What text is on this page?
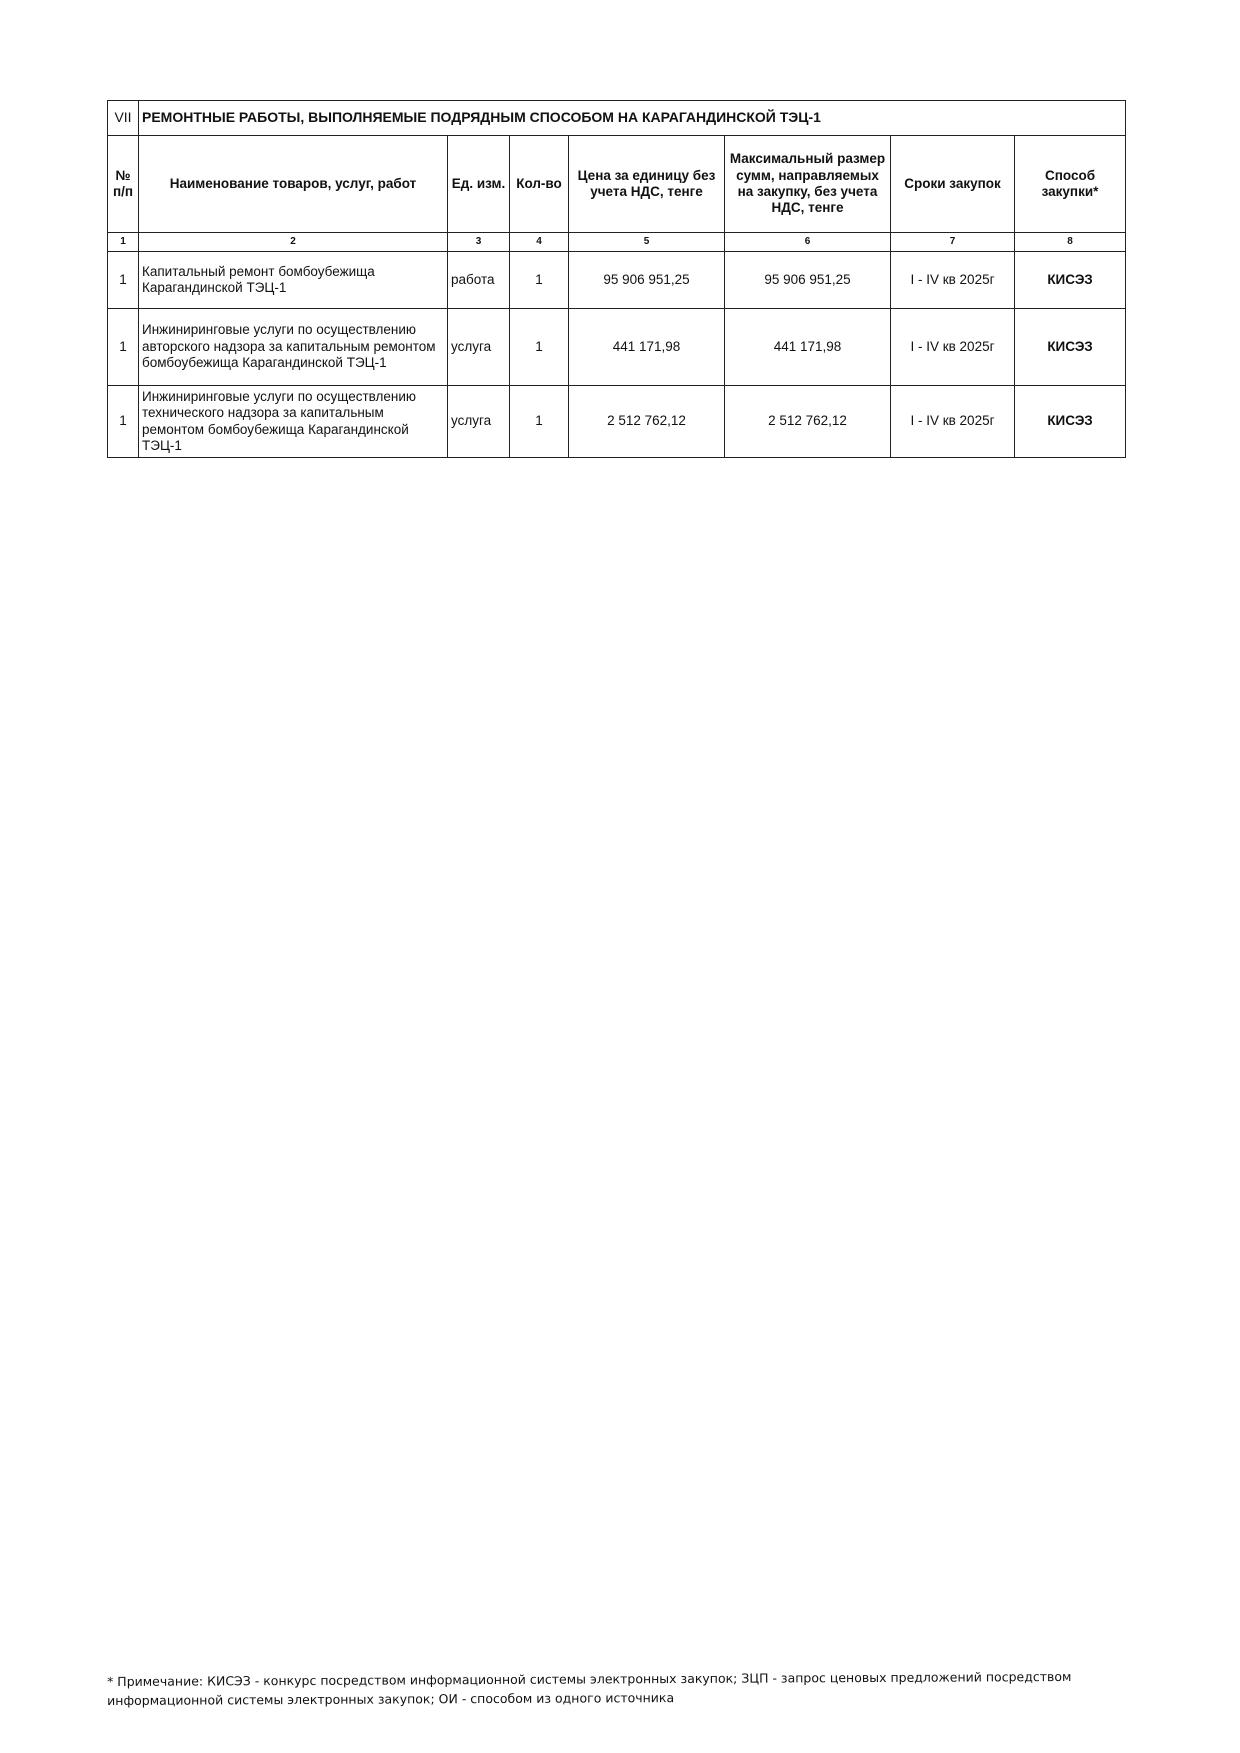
VII	РЕМОНТНЫЕ РАБОТЫ, ВЫПОЛНЯЕМЫЕ ПОДРЯДНЫМ СПОСОБОМ НА КАРАГАНДИНСКОЙ ТЭЦ-1						
№ п/п	Наименование товаров, услуг, работ	Ед. изм.	Кол-во	Цена за единицу без учета НДС, тенге	Максимальный размер сумм, направляемых на закупку, без учета НДС, тенге	Сроки закупок	Способ закупки*
1	2	3	4	5	6	7	8
1	Капитальный ремонт бомбоубежища Карагандинской ТЭЦ-1	работа	1	95 906 951,25	95 906 951,25	I - IV кв 2025г	КИСЭЗ
1	Инжиниринговые услуги по осуществлению авторского надзора за капитальным ремонтом бомбоубежища Карагандинской ТЭЦ-1	услуга	1	441 171,98	441 171,98	I - IV кв 2025г	КИСЭЗ
1	Инжиниринговые услуги по осуществлению технического надзора за капитальным ремонтом бомбоубежища Карагандинской ТЭЦ-1	услуга	1	2 512 762,12	2 512 762,12	I - IV кв 2025г	КИСЭЗ
* Примечание: КИСЭЗ - конкурс посредством информационной системы электронных закупок; ЗЦП - запрос ценовых предложений посредством информационной системы электронных закупок; ОИ - способом из одного источника
